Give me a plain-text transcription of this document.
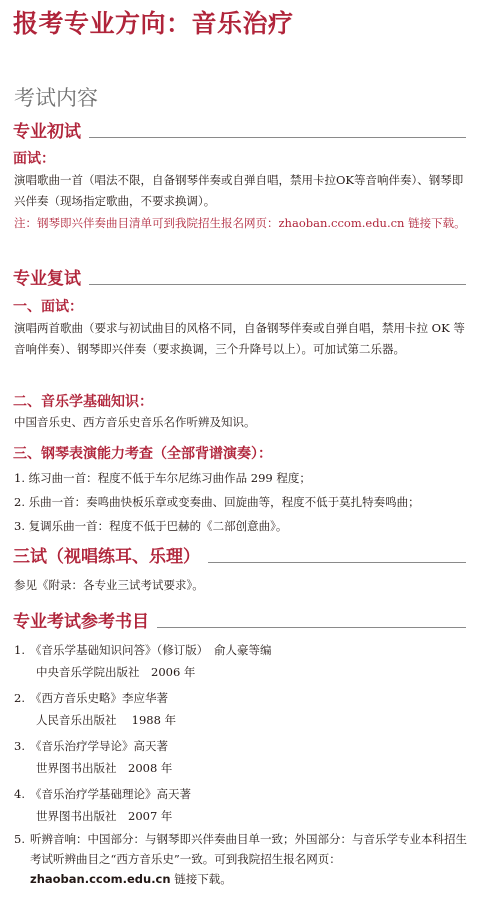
报考专业方向：音乐治疗
考试内容
专业初试
面试：

演唱歌曲一首（唱法不限，自备钢琴伴奏或自弹自唱，禁用卡拉OK等音响伴奏）、钢琴即兴伴奏（现场指定歌曲，不要求换调）。

注：钢琴即兴伴奏曲目清单可到我院招生报名网页：zhaoban.ccom.edu.cn 链接下载。

专业复试
一、面试：

演唱两首歌曲（要求与初试曲目的风格不同，自备钢琴伴奏或自弹自唱，禁用卡拉 OK 等音响伴奏）、钢琴即兴伴奏（要求换调，三个升降号以上）。可加试第二乐器。

二、音乐学基础知识：

中国音乐史、西方音乐史音乐名作听辨及知识。

三、钢琴表演能力考查（全部背谱演奏）：

1. 练习曲一首：程度不低于车尔尼练习曲作品 299 程度；

2. 乐曲一首：奏鸣曲快板乐章或变奏曲、回旋曲等，程度不低于莫扎特奏鸣曲；

3. 复调乐曲一首：程度不低于巴赫的《二部创意曲》。

三试（视唱练耳、乐理）

参见《附录：各专业三试考试要求》。

专业考试参考书目
1. 《音乐学基础知识问答》（修订版）　俞人豪等编
中央音乐学院出版社　2006 年
2. 《西方音乐史略》李应华著
人民音乐出版社　 1988 年
3. 《音乐治疗学导论》高天著
世界图书出版社　2008 年
4. 《音乐治疗学基础理论》高天著
世界图书出版社　2007 年
5. 听辨音响：中国部分：与钢琴即兴伴奏曲目单一致；外国部分：与音乐学专业本科招生考试听辨曲目之“西方音乐史”一致。可到我院招生报名网页：zhaoban.ccom.edu.cn 链接下载。
